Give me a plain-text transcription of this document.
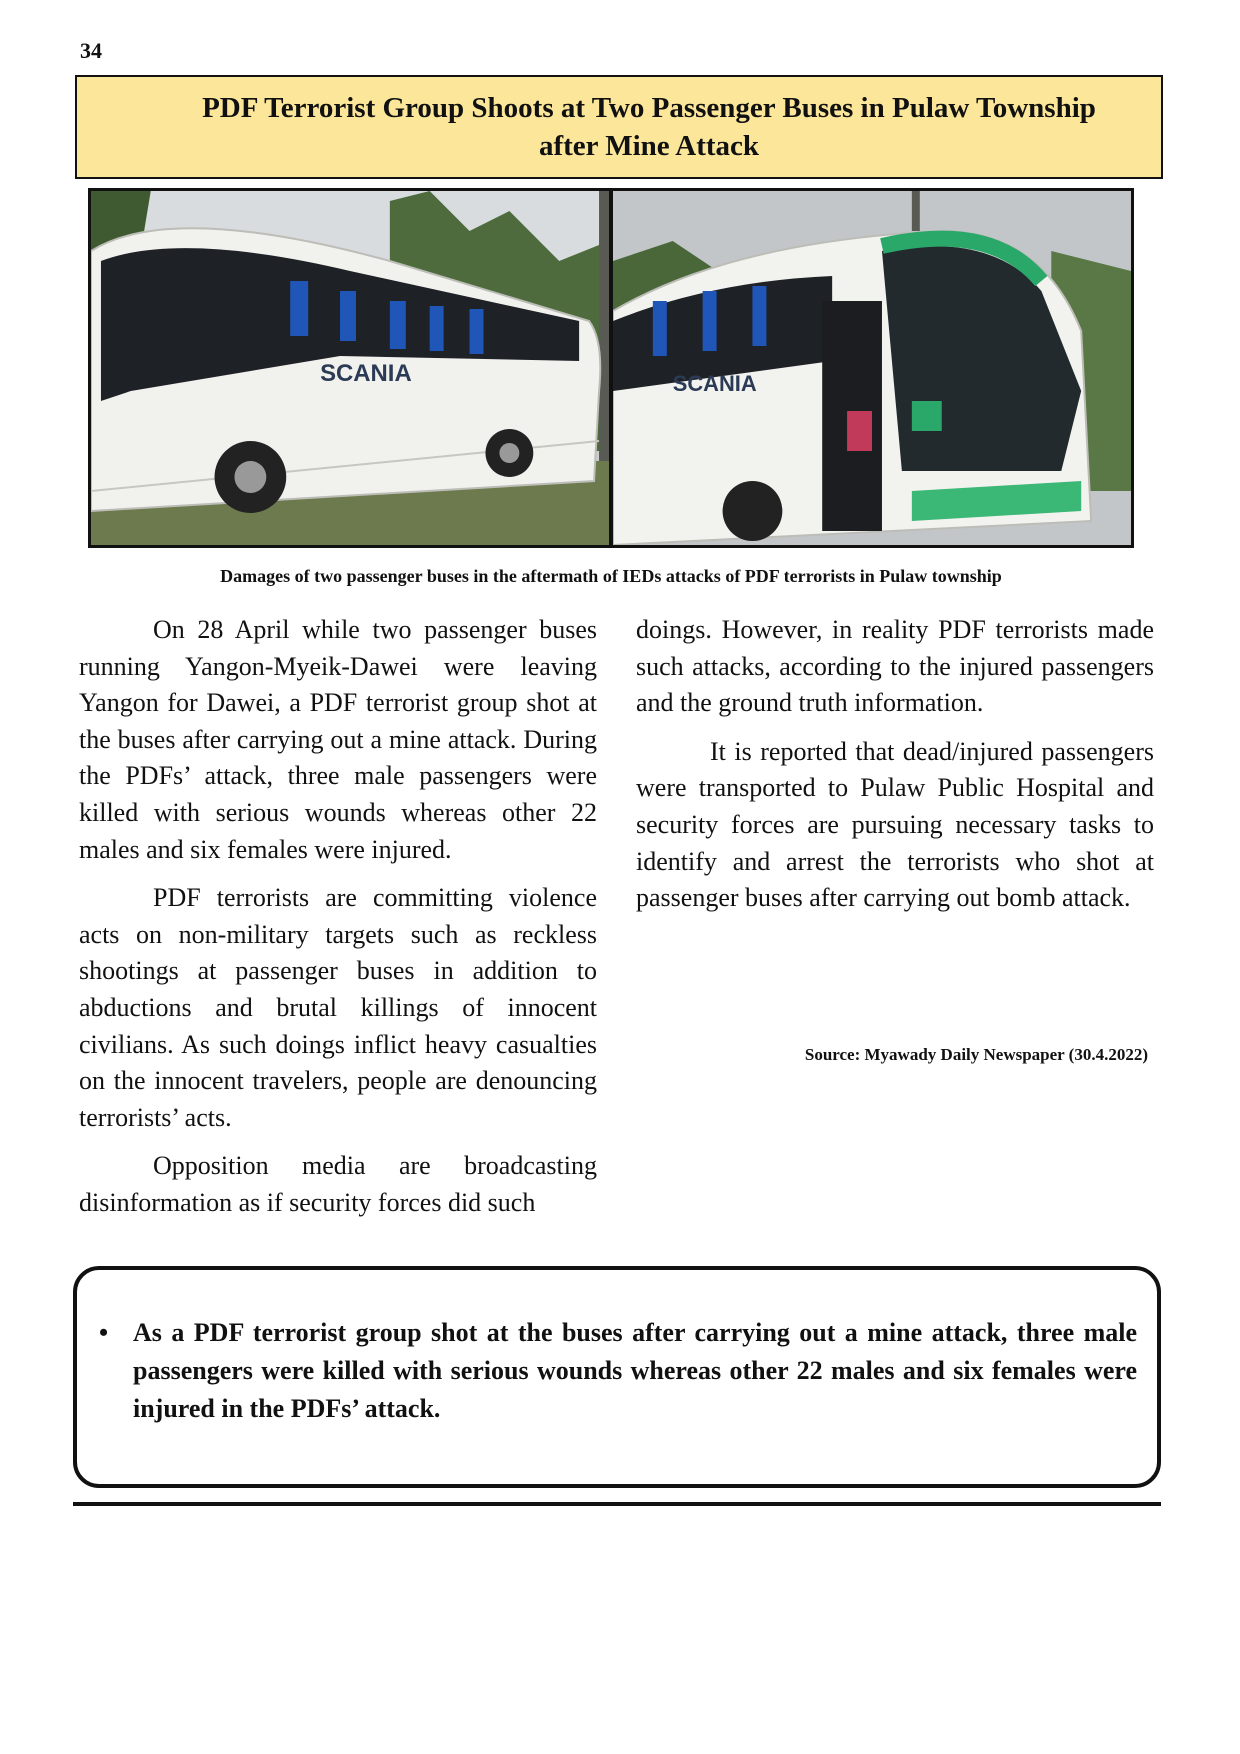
34
PDF Terrorist Group Shoots at Two Passenger Buses in Pulaw Township
after Mine Attack
SCANIA	SCANIA
Damages of two passenger buses in the aftermath of IEDs attacks of PDF terrorists in Pulaw township

On 28 April while two passenger buses running Yangon-Myeik-Dawei were leaving Yangon for Dawei, a PDF terrorist group shot at the buses after carrying out a mine attack. During the PDFs’ attack, three male passengers were killed with serious wounds whereas other 22 males and six females were injured.

PDF terrorists are committing violence acts on non-military targets such as reckless shootings at passenger buses in addition to abductions and brutal killings of innocent civilians. As such doings inflict heavy casualties on the innocent travelers, people are denouncing terrorists’ acts.

Opposition media are broadcasting disinformation as if security forces did such

doings. However, in reality PDF terrorists made such attacks, according to the injured passengers and the ground truth information.

It is reported that dead/injured passengers were transported to Pulaw Public Hospital and security forces are pursuing necessary tasks to identify and arrest the terrorists who shot at passenger buses after carrying out bomb attack.

Source: Myawady Daily Newspaper (30.4.2022)
• As a PDF terrorist group shot at the buses after carrying out a mine attack, three male passengers were killed with serious wounds whereas other 22 males and six females were injured in the PDFs’ attack.
